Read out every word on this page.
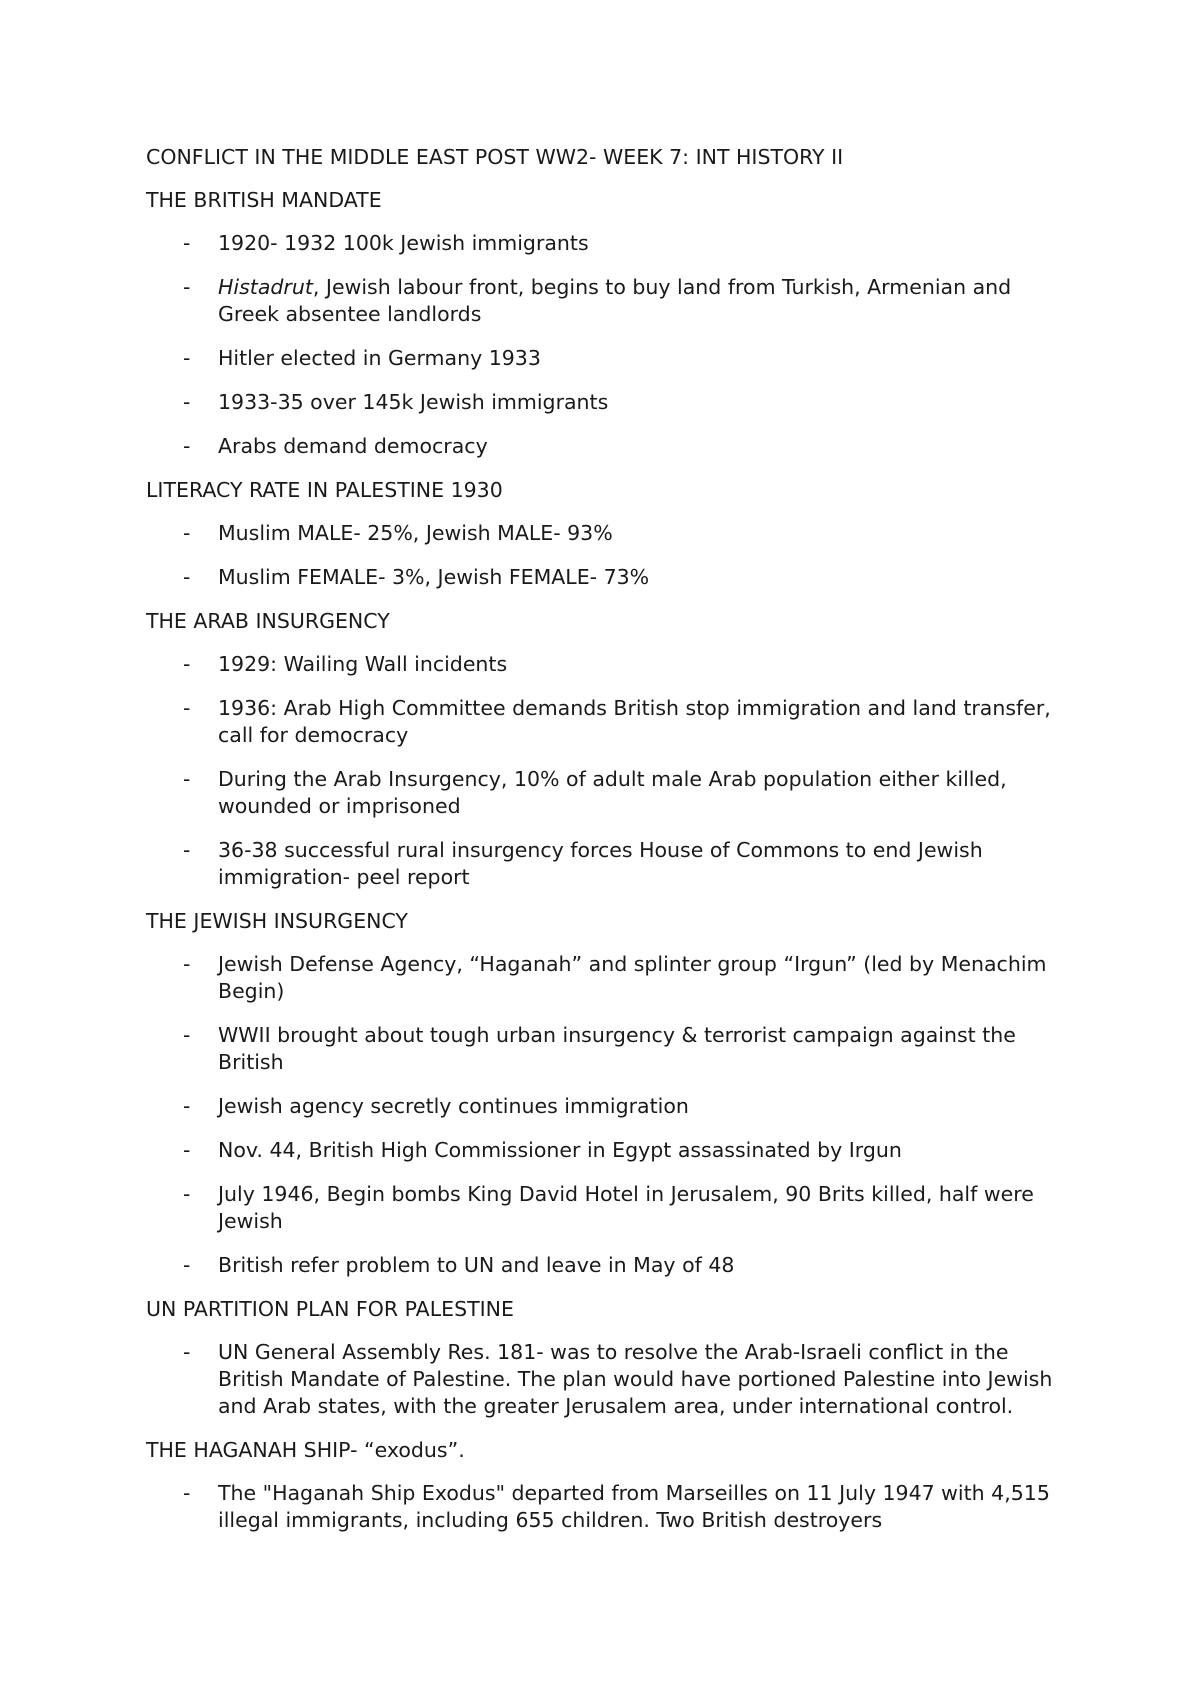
CONFLICT IN THE MIDDLE EAST POST WW2- WEEK 7: INT HISTORY II
THE BRITISH MANDATE
- 1920- 1932 100k Jewish immigrants
- Histadrut, Jewish labour front, begins to buy land from Turkish, Armenian and Greek absentee landlords
- Hitler elected in Germany 1933
- 1933-35 over 145k Jewish immigrants
- Arabs demand democracy
LITERACY RATE IN PALESTINE 1930
- Muslim MALE- 25%, Jewish MALE- 93%
- Muslim FEMALE- 3%, Jewish FEMALE- 73%
THE ARAB INSURGENCY
- 1929: Wailing Wall incidents
- 1936: Arab High Committee demands British stop immigration and land transfer, call for democracy
- During the Arab Insurgency, 10% of adult male Arab population either killed, wounded or imprisoned
- 36-38 successful rural insurgency forces House of Commons to end Jewish immigration- peel report
THE JEWISH INSURGENCY
- Jewish Defense Agency, “Haganah” and splinter group “Irgun” (led by Menachim Begin)
- WWII brought about tough urban insurgency & terrorist campaign against the British
- Jewish agency secretly continues immigration
- Nov. 44, British High Commissioner in Egypt assassinated by Irgun
- July 1946, Begin bombs King David Hotel in Jerusalem, 90 Brits killed, half were Jewish
- British refer problem to UN and leave in May of 48
UN PARTITION PLAN FOR PALESTINE
- UN General Assembly Res. 181- was to resolve the Arab-Israeli conflict in the British Mandate of Palestine. The plan would have portioned Palestine into Jewish and Arab states, with the greater Jerusalem area, under international control.
THE HAGANAH SHIP- “exodus”.
- The "Haganah Ship Exodus" departed from Marseilles on 11 July 1947 with 4,515 illegal immigrants, including 655 children. Two British destroyers
